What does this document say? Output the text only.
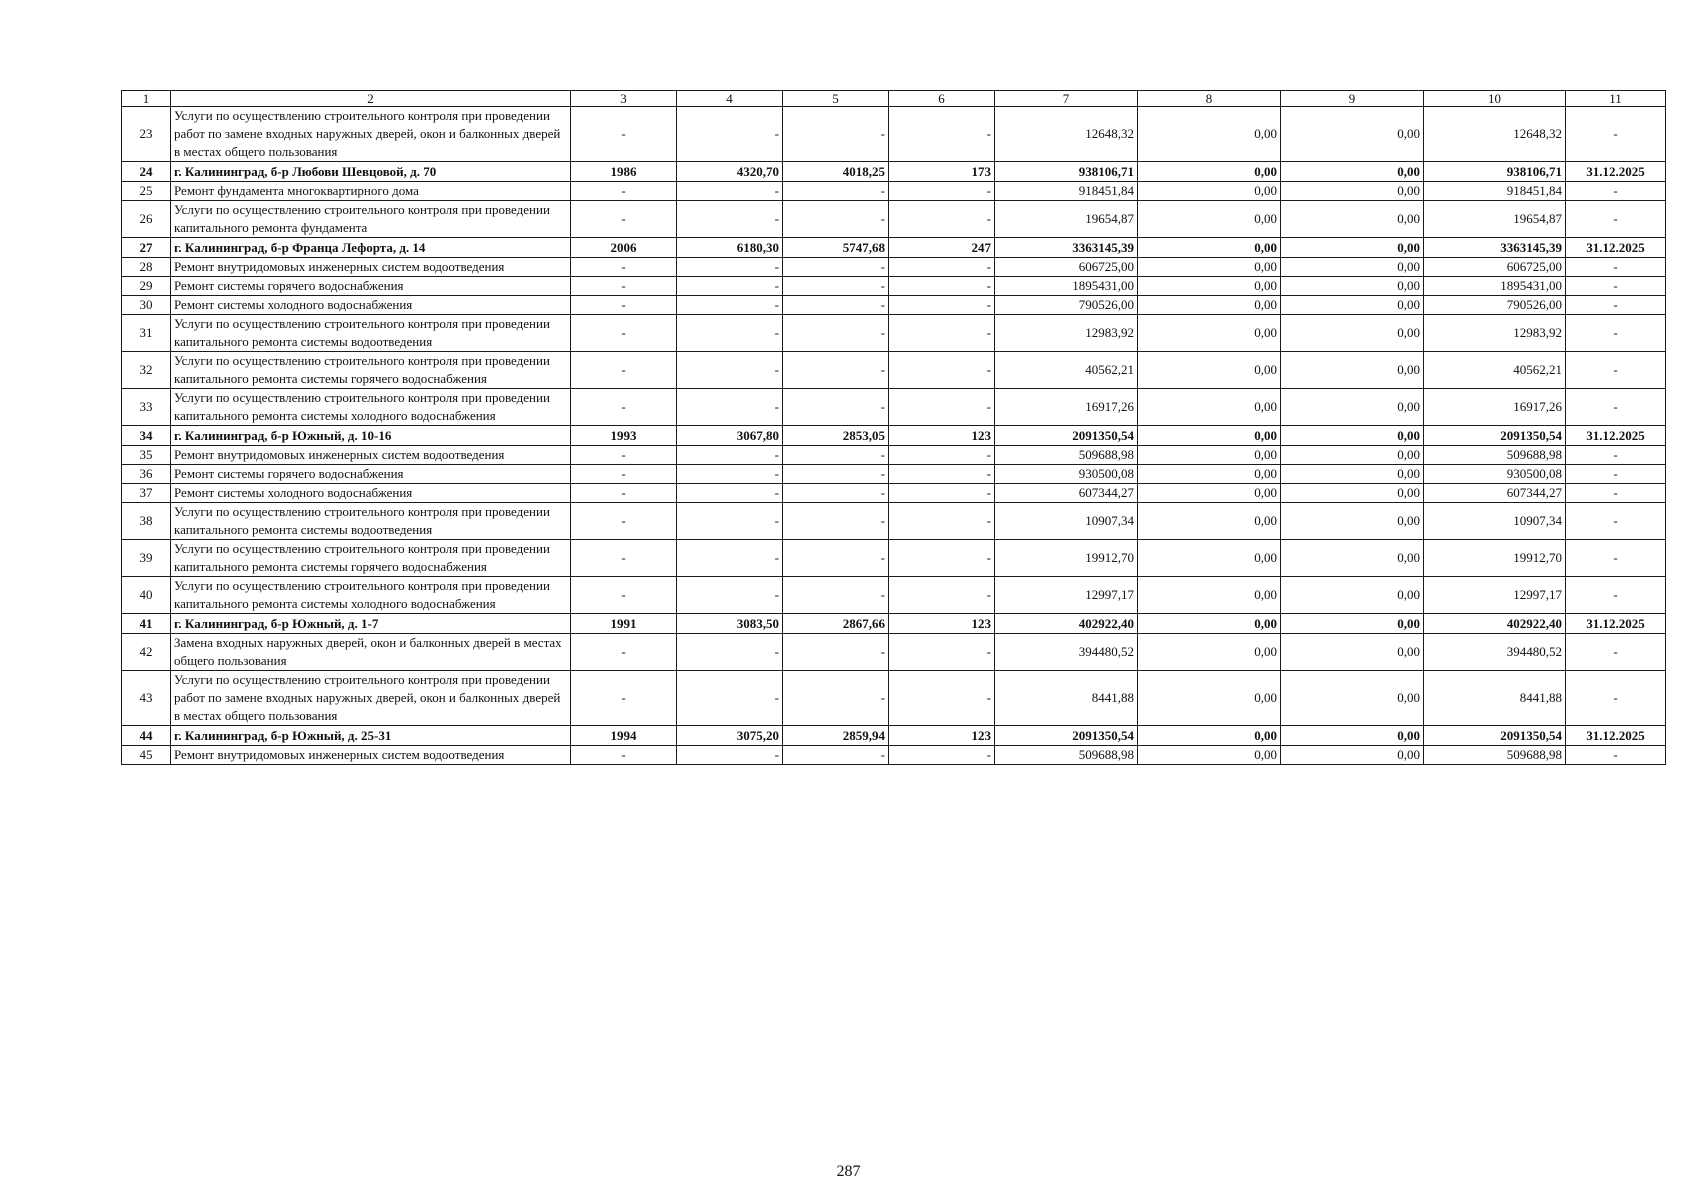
1	2	3	4	5	6	7	8	9	10	11
23	Услуги по осуществлению строительного контроля при проведении работ по замене входных наружных дверей, окон и балконных дверей в местах общего пользования	-	-	-	-	12648,32	0,00	0,00	12648,32	-
24	г. Калининград, б-р Любови Шевцовой, д. 70	1986	4320,70	4018,25	173	938106,71	0,00	0,00	938106,71	31.12.2025
25	Ремонт фундамента многоквартирного дома	-	-	-	-	918451,84	0,00	0,00	918451,84	-
26	Услуги по осуществлению строительного контроля при проведении капитального ремонта фундамента	-	-	-	-	19654,87	0,00	0,00	19654,87	-
27	г. Калининград, б-р Франца Лефорта, д. 14	2006	6180,30	5747,68	247	3363145,39	0,00	0,00	3363145,39	31.12.2025
28	Ремонт внутридомовых инженерных систем водоотведения	-	-	-	-	606725,00	0,00	0,00	606725,00	-
29	Ремонт системы горячего водоснабжения	-	-	-	-	1895431,00	0,00	0,00	1895431,00	-
30	Ремонт системы холодного водоснабжения	-	-	-	-	790526,00	0,00	0,00	790526,00	-
31	Услуги по осуществлению строительного контроля при проведении капитального ремонта системы водоотведения	-	-	-	-	12983,92	0,00	0,00	12983,92	-
32	Услуги по осуществлению строительного контроля при проведении капитального ремонта системы горячего водоснабжения	-	-	-	-	40562,21	0,00	0,00	40562,21	-
33	Услуги по осуществлению строительного контроля при проведении капитального ремонта системы холодного водоснабжения	-	-	-	-	16917,26	0,00	0,00	16917,26	-
34	г. Калининград, б-р Южный, д. 10-16	1993	3067,80	2853,05	123	2091350,54	0,00	0,00	2091350,54	31.12.2025
35	Ремонт внутридомовых инженерных систем водоотведения	-	-	-	-	509688,98	0,00	0,00	509688,98	-
36	Ремонт системы горячего водоснабжения	-	-	-	-	930500,08	0,00	0,00	930500,08	-
37	Ремонт системы холодного водоснабжения	-	-	-	-	607344,27	0,00	0,00	607344,27	-
38	Услуги по осуществлению строительного контроля при проведении капитального ремонта системы водоотведения	-	-	-	-	10907,34	0,00	0,00	10907,34	-
39	Услуги по осуществлению строительного контроля при проведении капитального ремонта системы горячего водоснабжения	-	-	-	-	19912,70	0,00	0,00	19912,70	-
40	Услуги по осуществлению строительного контроля при проведении капитального ремонта системы холодного водоснабжения	-	-	-	-	12997,17	0,00	0,00	12997,17	-
41	г. Калининград, б-р Южный, д. 1-7	1991	3083,50	2867,66	123	402922,40	0,00	0,00	402922,40	31.12.2025
42	Замена входных наружных дверей, окон и балконных дверей в местах общего пользования	-	-	-	-	394480,52	0,00	0,00	394480,52	-
43	Услуги по осуществлению строительного контроля при проведении работ по замене входных наружных дверей, окон и балконных дверей в местах общего пользования	-	-	-	-	8441,88	0,00	0,00	8441,88	-
44	г. Калининград, б-р Южный, д. 25-31	1994	3075,20	2859,94	123	2091350,54	0,00	0,00	2091350,54	31.12.2025
45	Ремонт внутридомовых инженерных систем водоотведения	-	-	-	-	509688,98	0,00	0,00	509688,98	-
287
